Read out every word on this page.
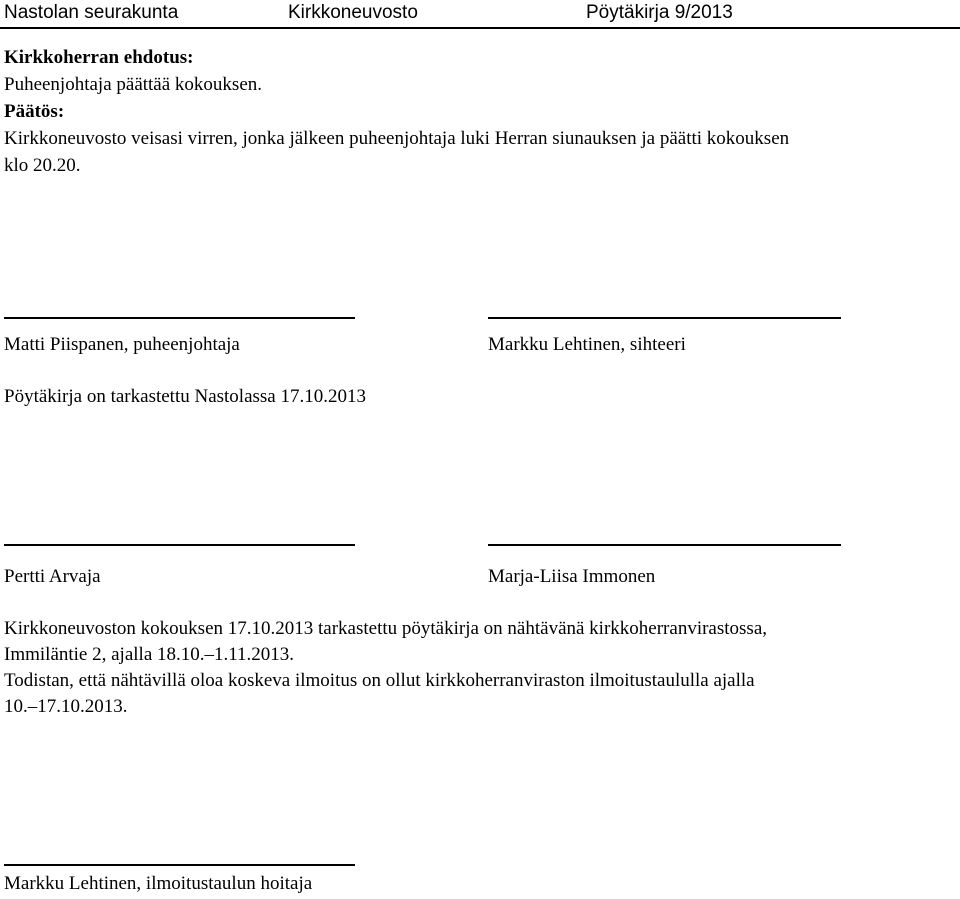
Nastolan seurakunta	Kirkkoneuvosto	Pöytäkirja 9/2013
Kirkkoherran ehdotus:
Puheenjohtaja päättää kokouksen.
Päätös:
Kirkkoneuvosto veisasi virren, jonka jälkeen puheenjohtaja luki Herran siunauksen ja päätti kokouksen
klo 20.20.
Matti Piispanen, puheenjohtaja	Markku Lehtinen, sihteeri
Pöytäkirja on tarkastettu Nastolassa 17.10.2013
Pertti Arvaja	Marja-Liisa Immonen
Kirkkoneuvoston kokouksen 17.10.2013 tarkastettu pöytäkirja on nähtävänä kirkkoherranvirastossa,
Immiläntie 2, ajalla 18.10.–1.11.2013.
Todistan, että nähtävillä oloa koskeva ilmoitus on ollut kirkkoherranviraston ilmoitustaululla ajalla
10.–17.10.2013.
Markku Lehtinen, ilmoitustaulun hoitaja
